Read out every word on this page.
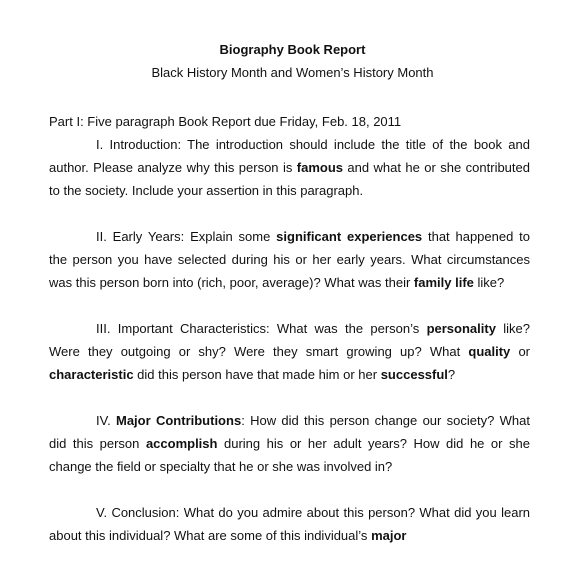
Biography Book Report
Black History Month and Women’s History Month

Part I: Five paragraph Book Report due Friday, Feb. 18, 2011

I. Introduction: The introduction should include the title of the book and author. Please analyze why this person is famous and what he or she contributed to the society. Include your assertion in this paragraph.

II. Early Years: Explain some significant experiences that happened to the person you have selected during his or her early years. What circumstances was this person born into (rich, poor, average)? What was their family life like?

III. Important Characteristics: What was the person’s personality like? Were they outgoing or shy? Were they smart growing up? What quality or characteristic did this person have that made him or her successful?

IV. Major Contributions: How did this person change our society? What did this person accomplish during his or her adult years? How did he or she change the field or specialty that he or she was involved in?

V. Conclusion: What do you admire about this person? What did you learn about this individual? What are some of this individual’s major
